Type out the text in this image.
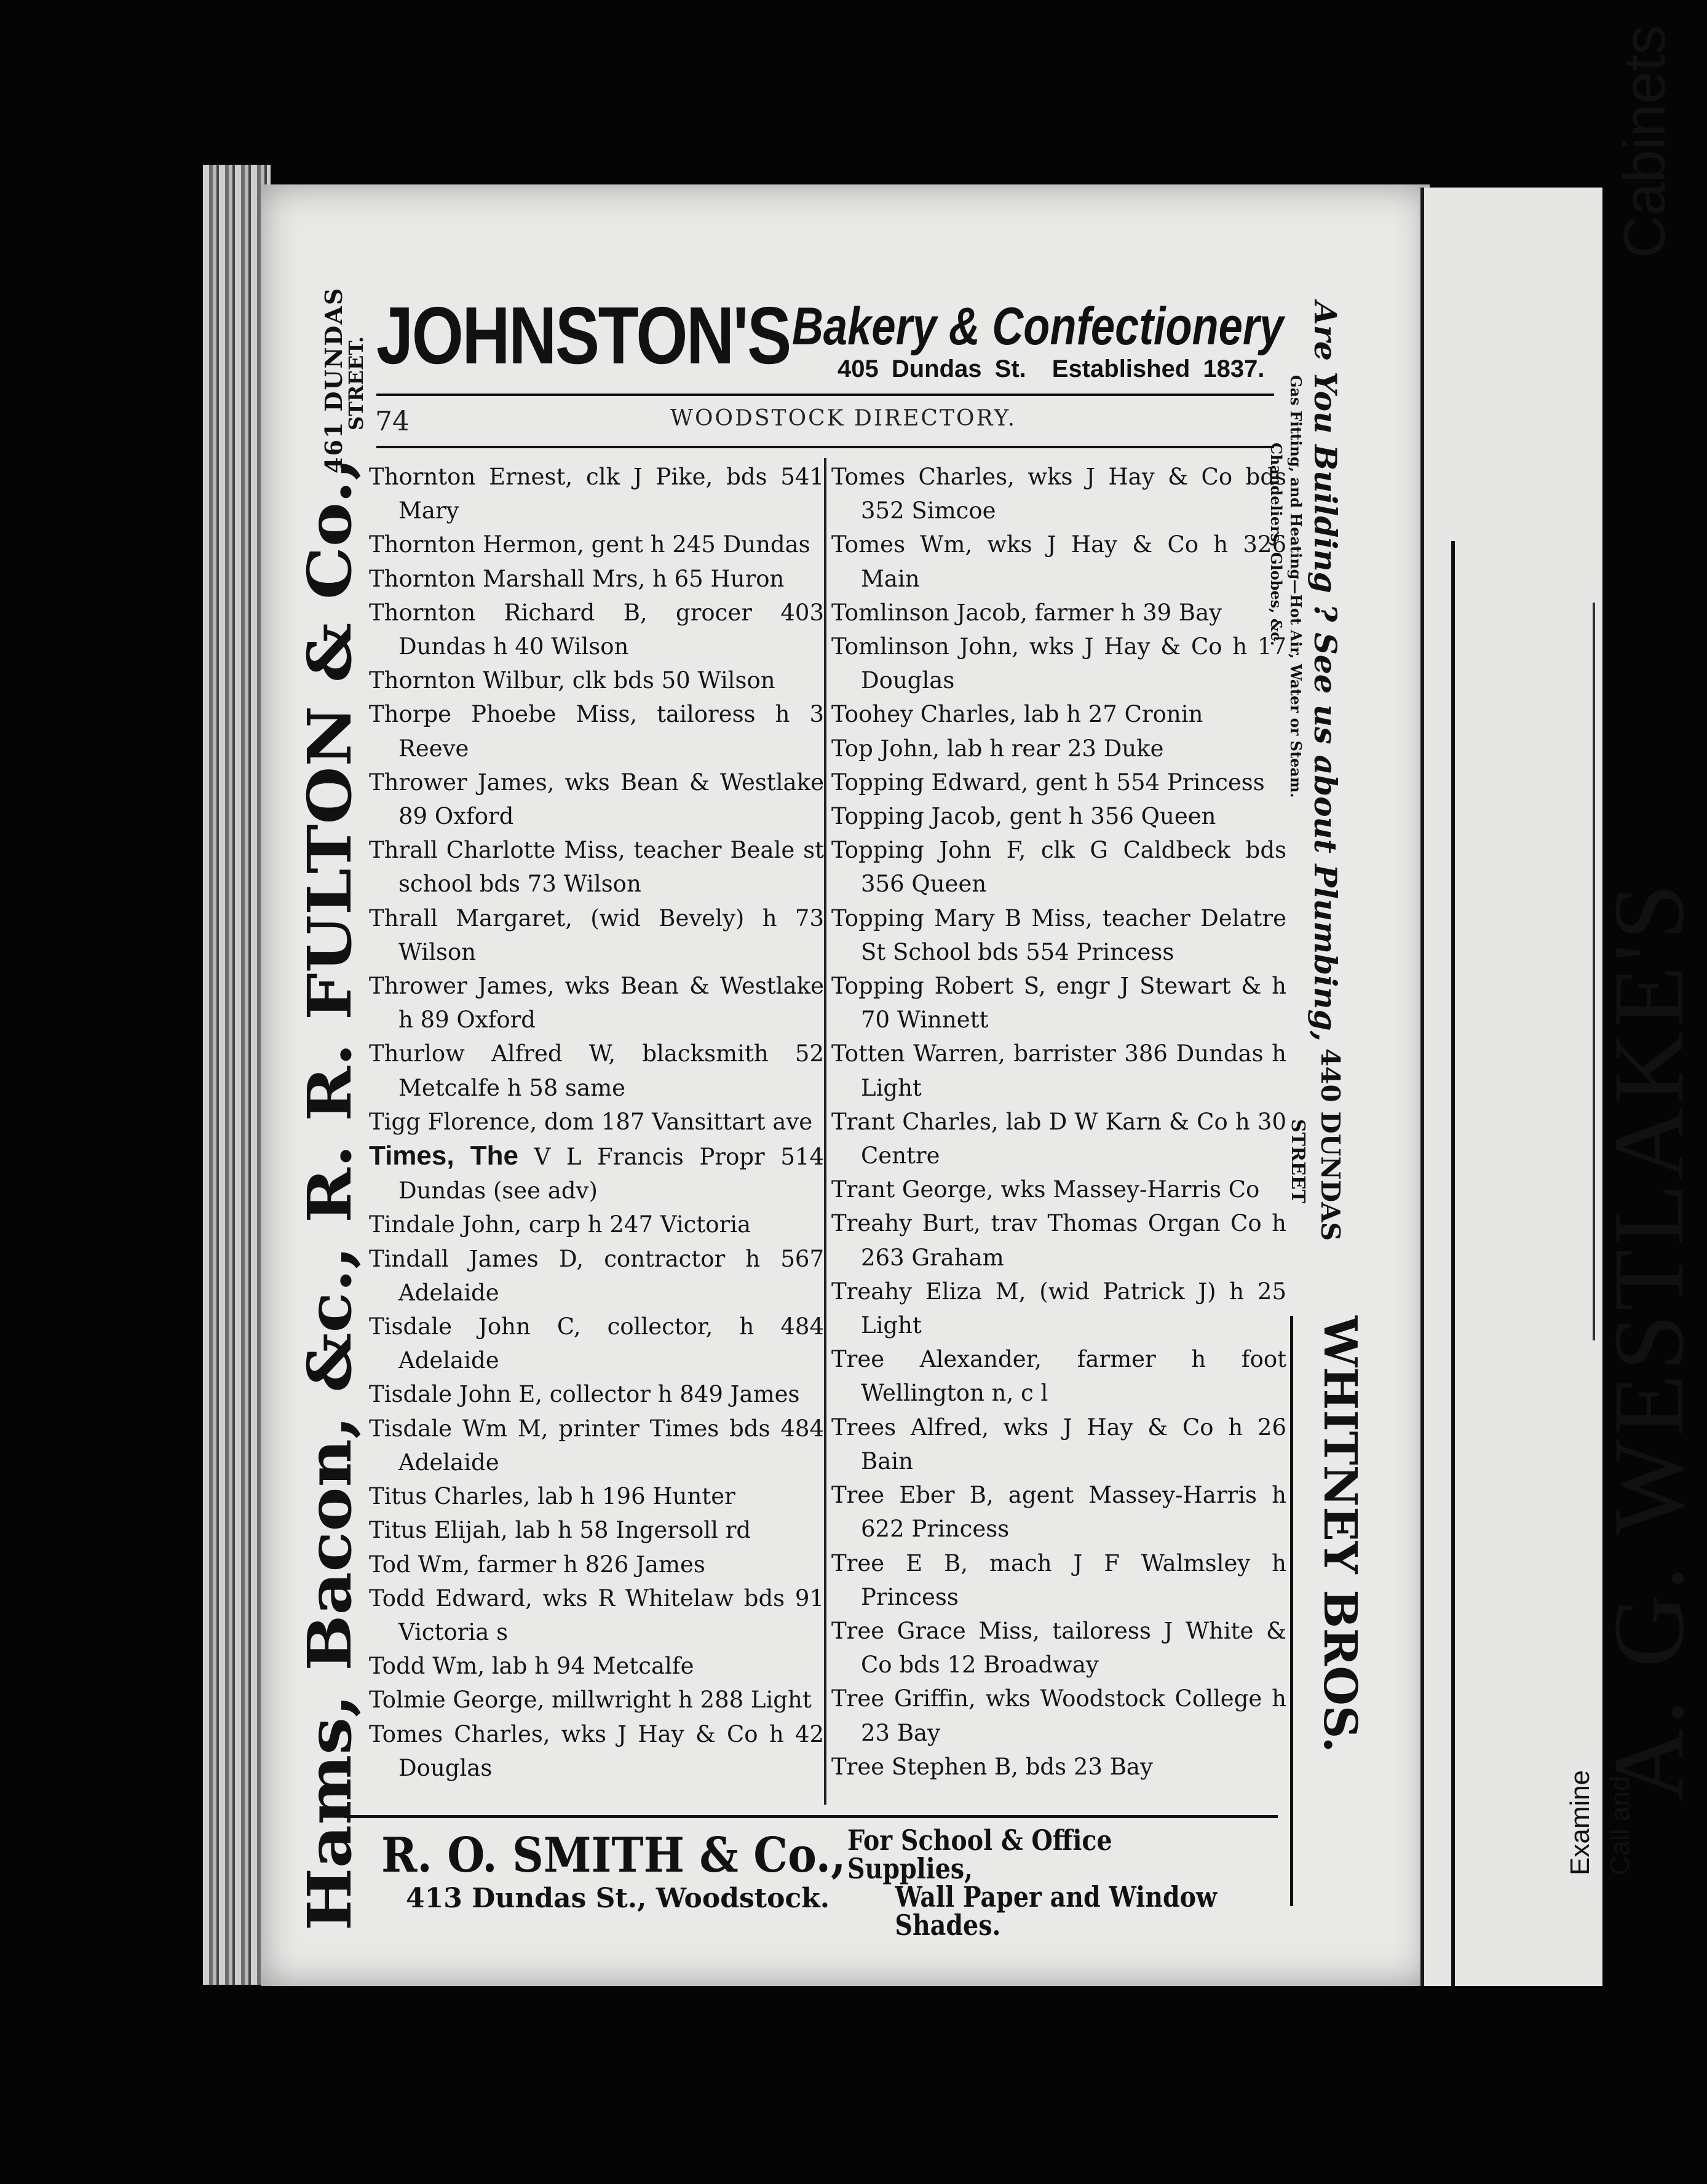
JOHNSTON'S Bakery & Confectionery
405 Dundas St. Established 1837.
74	WOODSTOCK DIRECTORY.
Thornton Ernest, clk J Pike, bds 541 Mary
Thornton Hermon, gent h 245 Dundas
Thornton Marshall Mrs, h 65 Huron
Thornton Richard B, grocer 403 Dundas h 40 Wilson
Thornton Wilbur, clk bds 50 Wilson
Thorpe Phoebe Miss, tailoress h 3 Reeve
Thrower James, wks Bean & Westlake 89 Oxford
Thrall Charlotte Miss, teacher Beale st school bds 73 Wilson
Thrall Margaret, (wid Bevely) h 73 Wilson
Thrower James, wks Bean & Westlake h 89 Oxford
Thurlow Alfred W, blacksmith 52 Metcalfe h 58 same
Tigg Florence, dom 187 Vansittart ave
Times, The V L Francis Propr 514 Dundas (see adv)
Tindale John, carp h 247 Victoria
Tindall James D, contractor h 567 Adelaide
Tisdale John C, collector, h 484 Adelaide
Tisdale John E, collector h 849 James
Tisdale Wm M, printer Times bds 484 Adelaide
Titus Charles, lab h 196 Hunter
Titus Elijah, lab h 58 Ingersoll rd
Tod Wm, farmer h 826 James
Todd Edward, wks R Whitelaw bds 91 Victoria s
Todd Wm, lab h 94 Metcalfe
Tolmie George, millwright h 288 Light
Tomes Charles, wks J Hay & Co h 42 Douglas
Tomes Charles, wks J Hay & Co bds 352 Simcoe
Tomes Wm, wks J Hay & Co h 326 Main
Tomlinson Jacob, farmer h 39 Bay
Tomlinson John, wks J Hay & Co h 17 Douglas
Toohey Charles, lab h 27 Cronin
Top John, lab h rear 23 Duke
Topping Edward, gent h 554 Princess
Topping Jacob, gent h 356 Queen
Topping John F, clk G Caldbeck bds 356 Queen
Topping Mary B Miss, teacher Delatre St School bds 554 Princess
Topping Robert S, engr J Stewart & h 70 Winnett
Totten Warren, barrister 386 Dundas h Light
Trant Charles, lab D W Karn & Co h 30 Centre
Trant George, wks Massey-Harris Co
Treahy Burt, trav Thomas Organ Co h 263 Graham
Treahy Eliza M, (wid Patrick J) h 25 Light
Tree Alexander, farmer h foot Wellington n, c l
Trees Alfred, wks J Hay & Co h 26 Bain
Tree Eber B, agent Massey-Harris h 622 Princess
Tree E B, mach J F Walmsley h Princess
Tree Grace Miss, tailoress J White & Co bds 12 Broadway
Tree Griffin, wks Woodstock College h 23 Bay
Tree Stephen B, bds 23 Bay
R. O. SMITH & Co.,
413 Dundas St., Woodstock.
For School & Office Supplies,
Wall Paper and Window
Shades.
Hams, Bacon, &c., R. R. FULTON & Co.,
461 DUNDAS
STREET.	Are You Building ? See us about Plumbing,
Gas Fitting, and Heating—Hot Air, Water or Steam.
Chandeliers, Globes, &c.
440 DUNDAS
STREET
WHITNEY BROS.
Cabinets
A. G. WESTLAKE'S
Examine Call and
